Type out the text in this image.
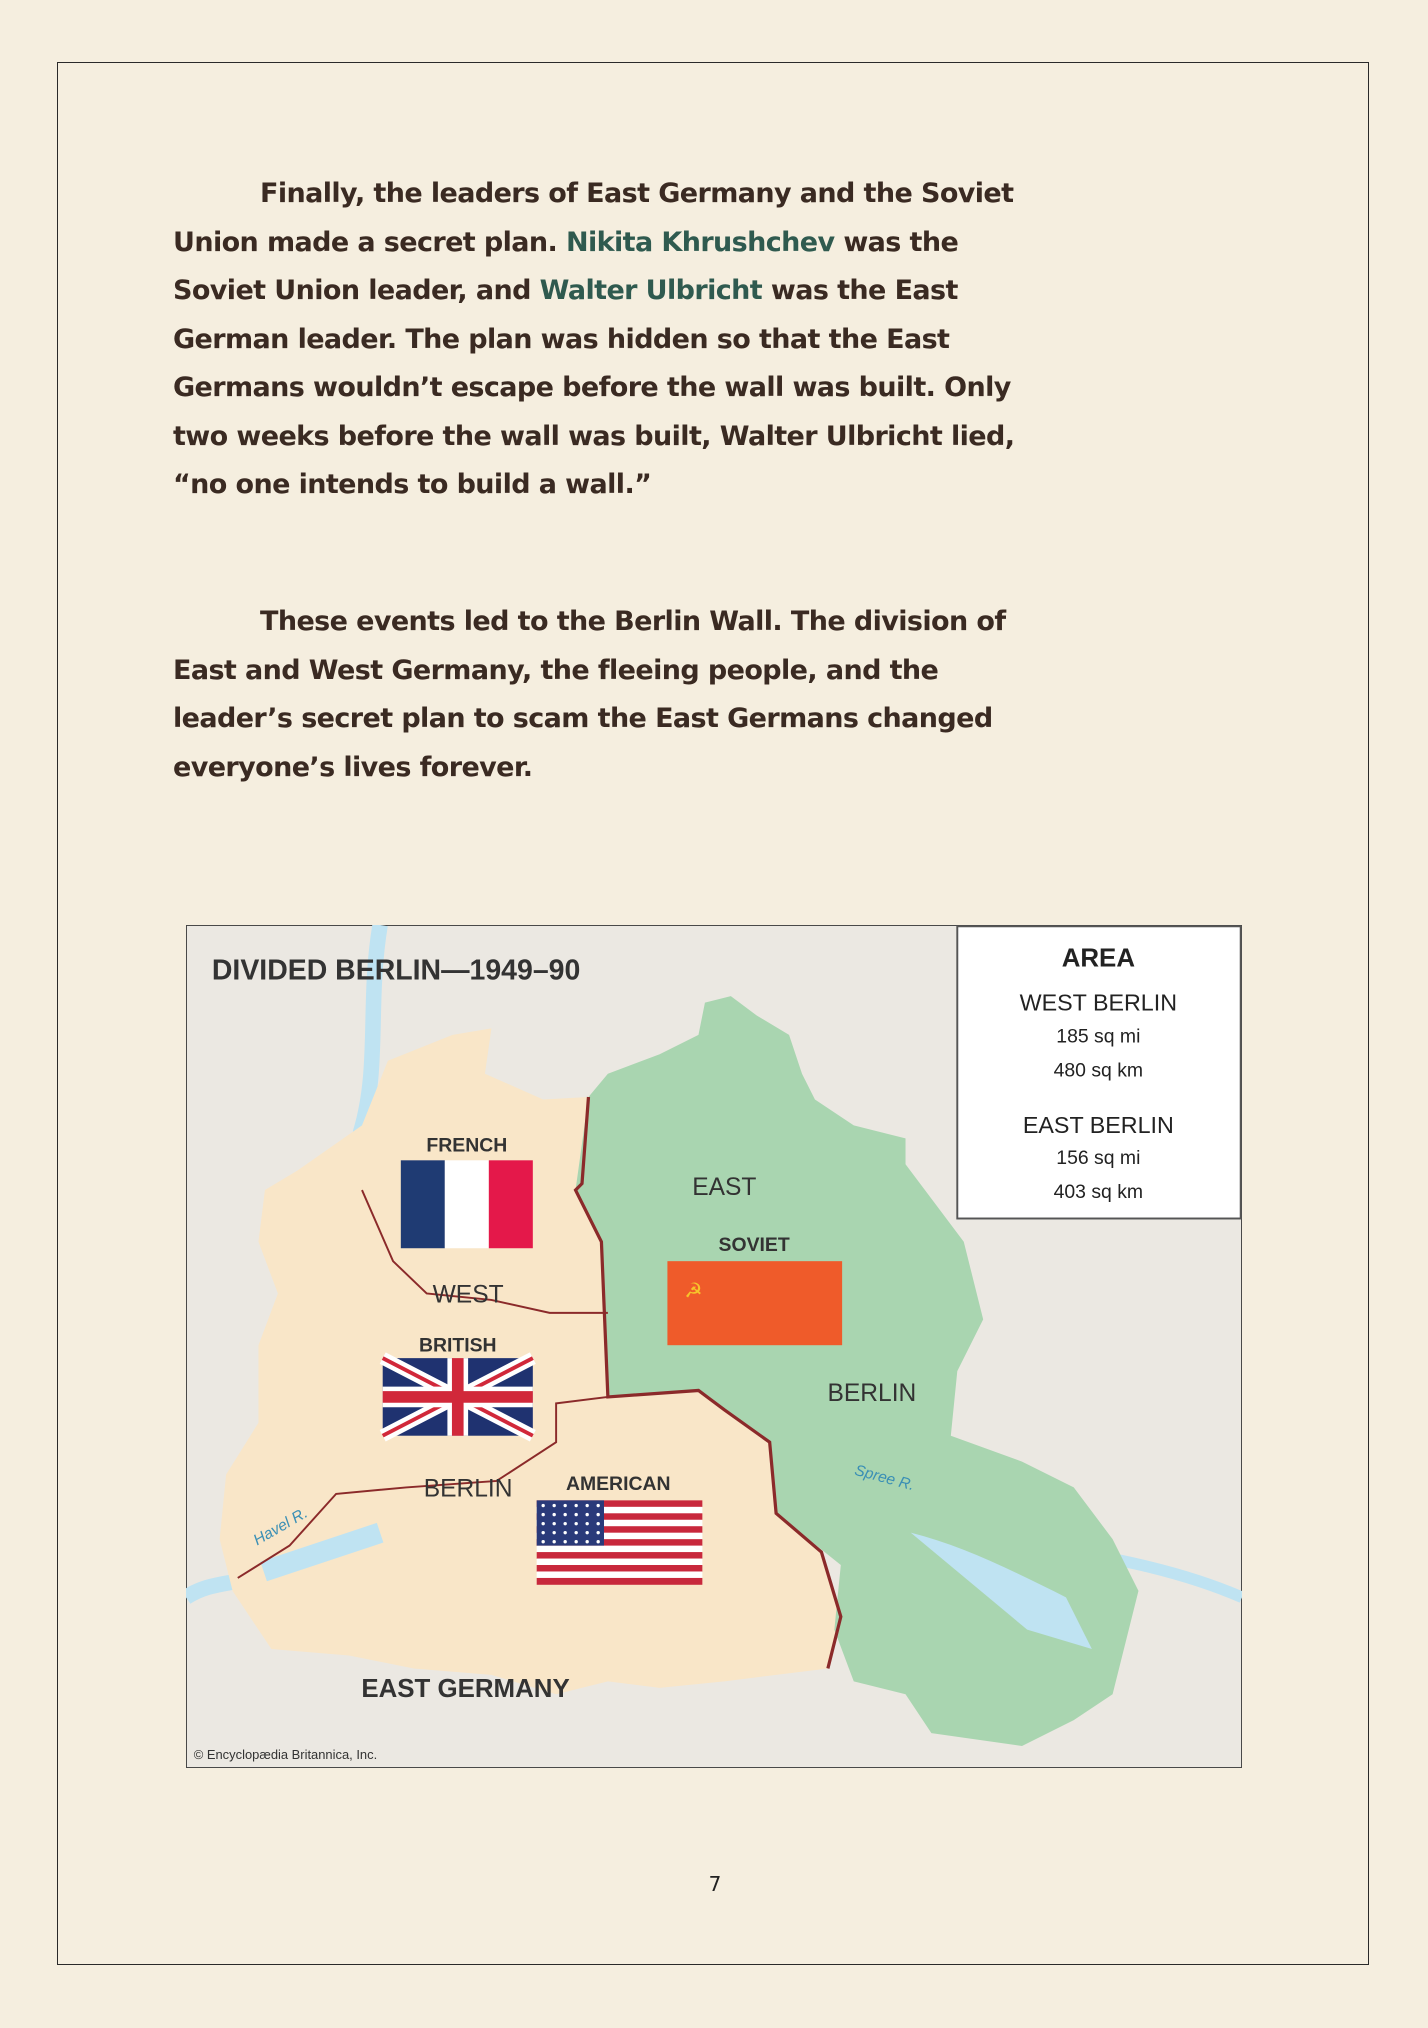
Finally, the leaders of East Germany and the Soviet
Union made a secret plan. Nikita Khrushchev was the
Soviet Union leader, and Walter Ulbricht was the East
German leader. The plan was hidden so that the East
Germans wouldn’t escape before the wall was built. Only
two weeks before the wall was built, Walter Ulbricht lied,
“no one intends to build a wall.”
These events led to the Berlin Wall. The division of
East and West Germany, the fleeing people, and the
leader’s secret plan to scam the East Germans changed
everyone’s lives forever.
☭
AREA
WEST BERLIN
185 sq mi
480 sq km
EAST BERLIN
156 sq mi
403 sq km
DIVIDED BERLIN—1949–90
FRENCH
EAST
SOVIET
WEST
BRITISH
BERLIN
BERLIN	AMERICAN
EAST GERMANY
Spree R.
Havel R.
© Encyclopædia Britannica, Inc.
7
